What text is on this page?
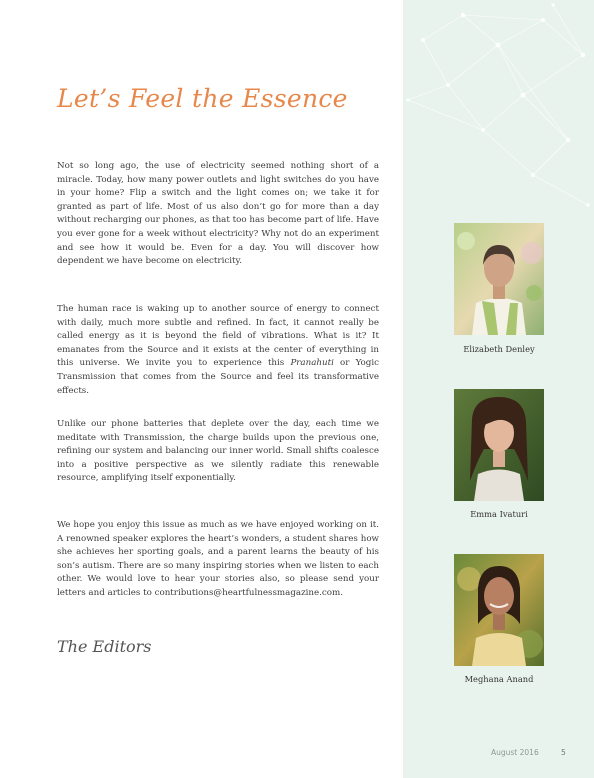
Let’s Feel the Essence

Not so long ago, the use of electricity seemed nothing short of a miracle. Today, how many power outlets and light switches do you have in your home? Flip a switch and the light comes on; we take it for granted as part of life. Most of us also don’t go for more than a day without recharging our phones, as that too has become part of life. Have you ever gone for a week without electricity? Why not do an experiment and see how it would be. Even for a day. You will discover how dependent we have become on electricity.

The human race is waking up to another source of energy to connect with daily, much more subtle and refined. In fact, it cannot really be called energy as it is beyond the field of vibrations. What is it? It emanates from the Source and it exists at the center of everything in this universe. We invite you to experience this Pranahuti or Yogic Transmission that comes from the Source and feel its transformative effects.

Unlike our phone batteries that deplete over the day, each time we meditate with Transmission, the charge builds upon the previous one, refining our system and balancing our inner world. Small shifts coalesce into a positive perspective as we silently radiate this renewable resource, amplifying itself exponentially.

We hope you enjoy this issue as much as we have enjoyed working on it. A renowned speaker explores the heart’s wonders, a student shares how she achieves her sporting goals, and a parent learns the beauty of his son’s autism. There are so many inspiring stories when we listen to each other. We would love to hear your stories also, so please send your letters and articles to contributions@heartfulnessmagazine.com.

The Editors
Elizabeth Denley
Emma Ivaturi
Meghana Anand
August 2016	5
